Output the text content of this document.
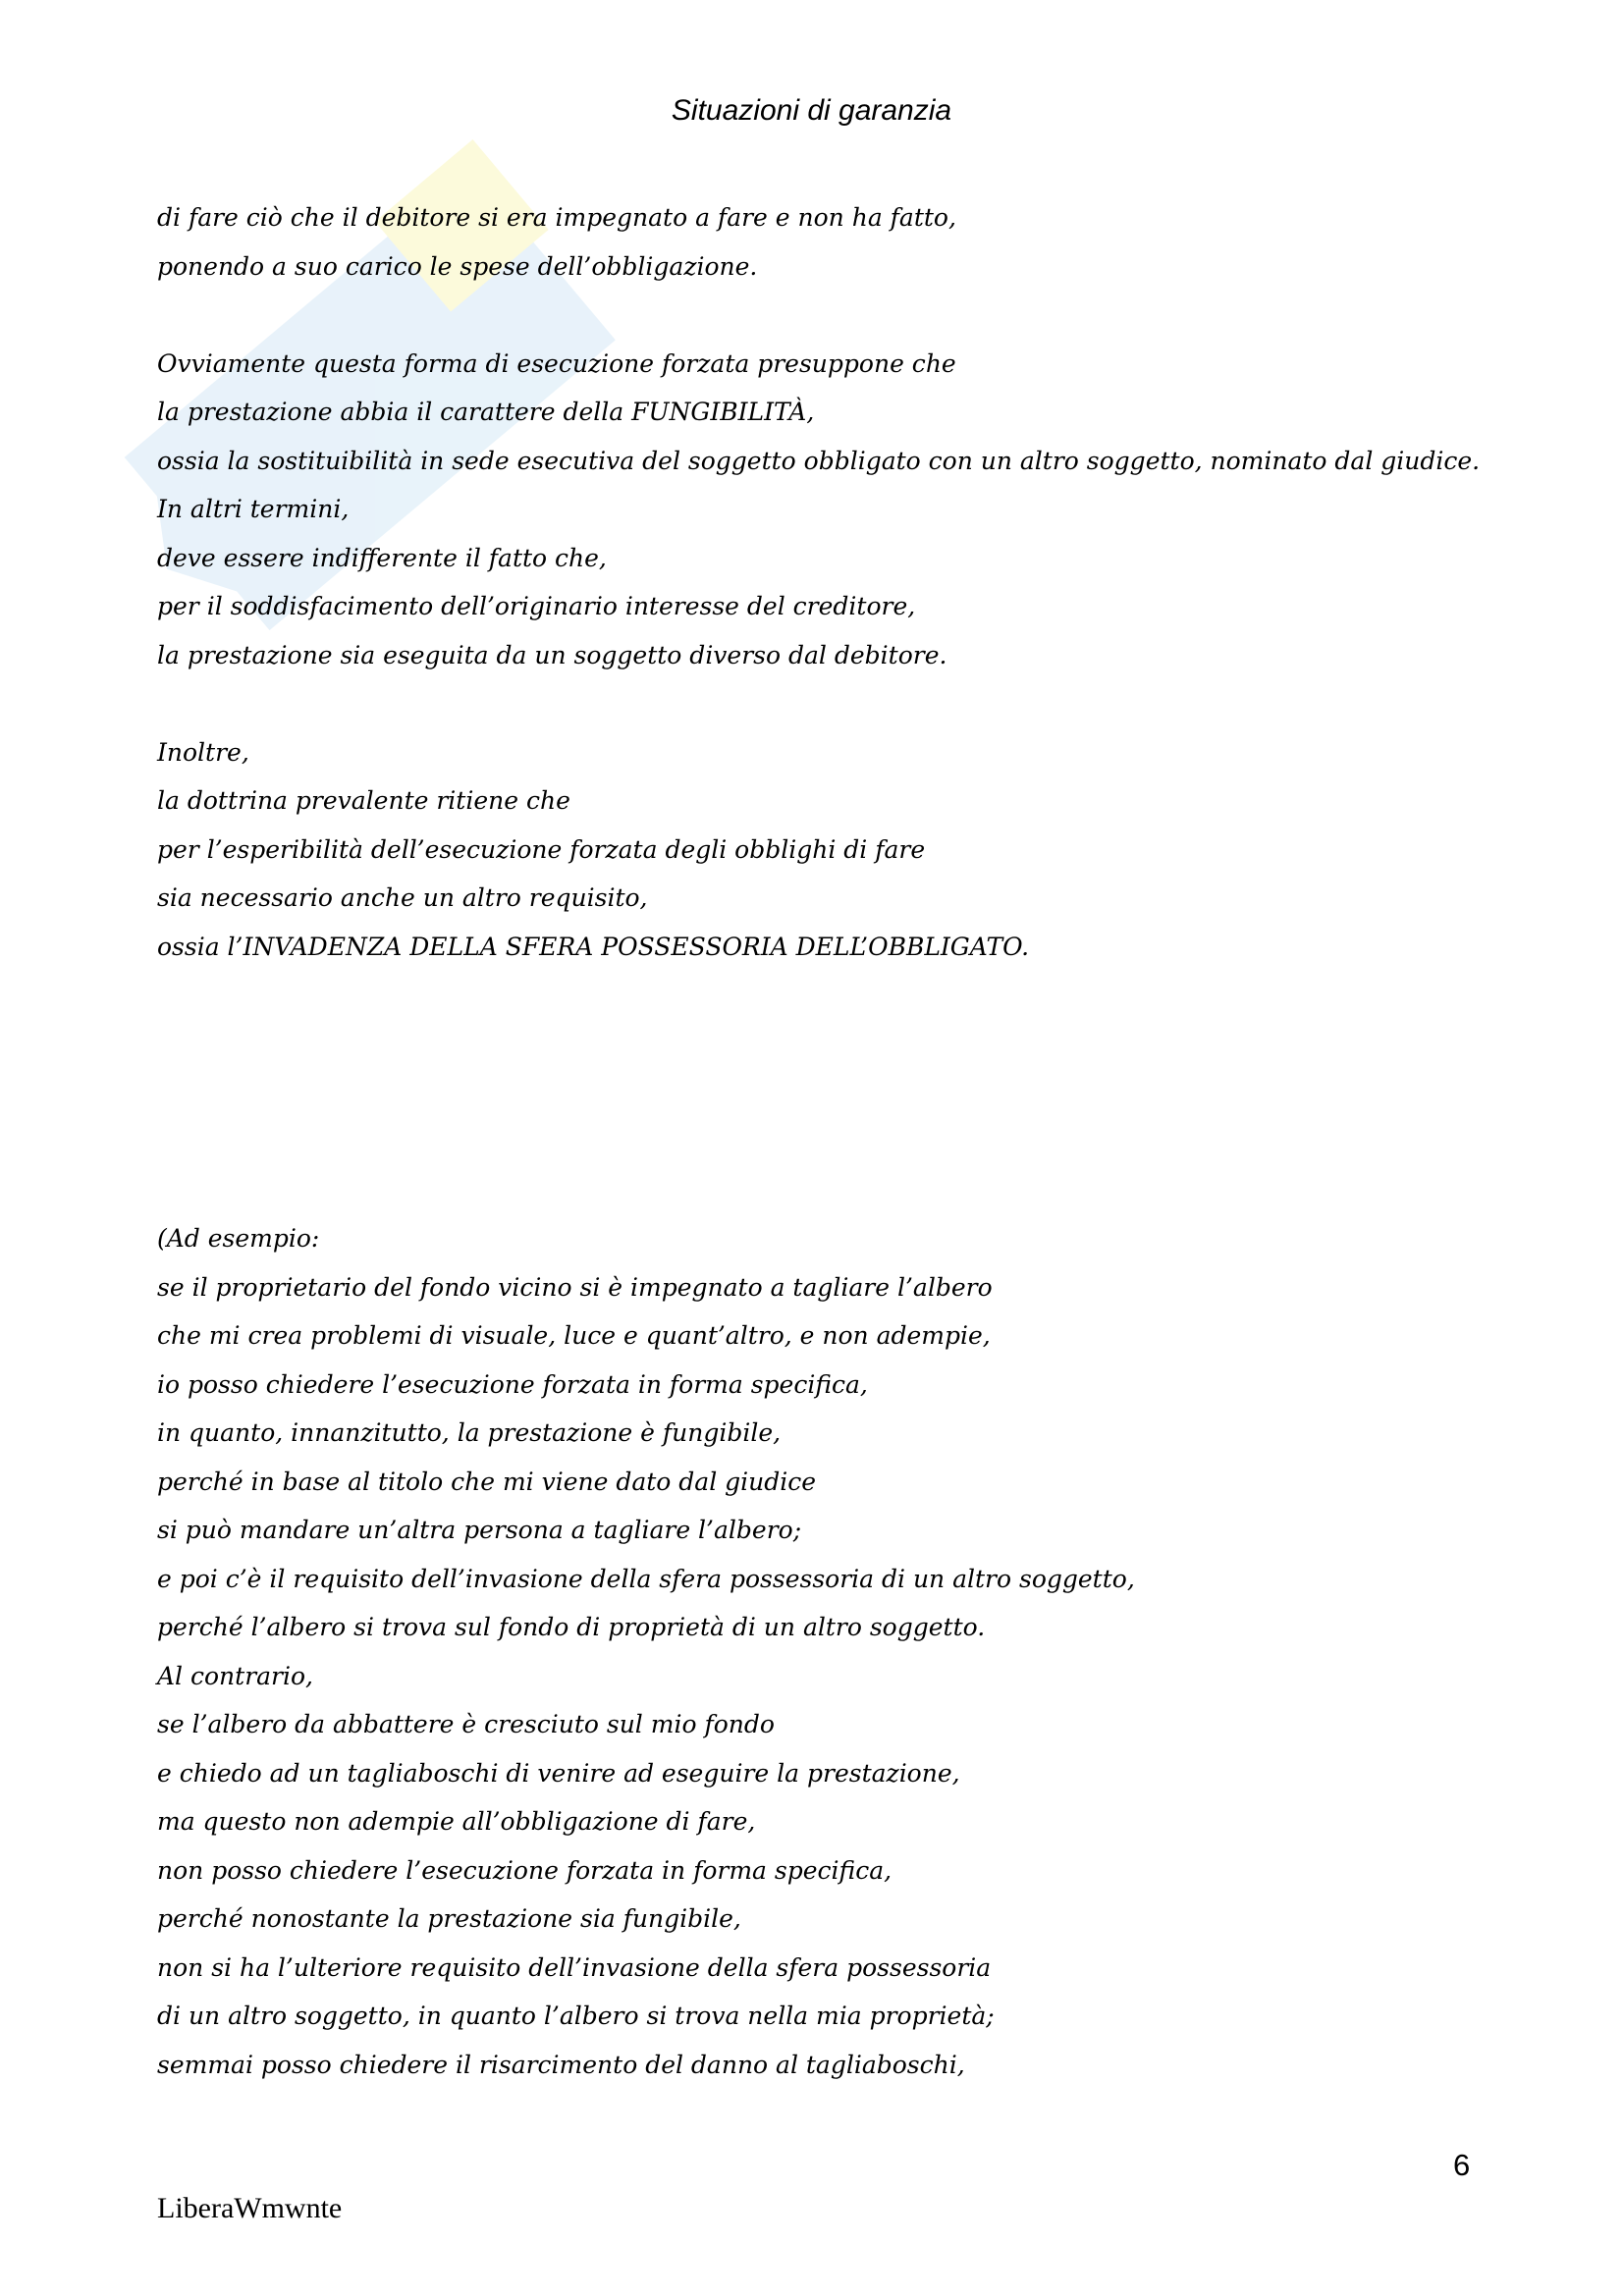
Situazioni di garanzia
di fare ciò che il debitore si era impegnato a fare e non ha fatto,
ponendo a suo carico le spese dell’obbligazione.
Ovviamente questa forma di esecuzione forzata presuppone che
la prestazione abbia il carattere della FUNGIBILITÀ,
ossia la sostituibilità in sede esecutiva del soggetto obbligato con un altro soggetto, nominato dal giudice.
In altri termini,
deve essere indifferente il fatto che,
per il soddisfacimento dell’originario interesse del creditore,
la prestazione sia eseguita da un soggetto diverso dal debitore.
Inoltre,
la dottrina prevalente ritiene che
per l’esperibilità dell’esecuzione forzata degli obblighi di fare
sia necessario anche un altro requisito,
ossia l’INVADENZA DELLA SFERA POSSESSORIA DELL’OBBLIGATO.
(Ad esempio:
se il proprietario del fondo vicino si è impegnato a tagliare l’albero
che mi crea problemi di visuale, luce e quant’altro, e non adempie,
io posso chiedere l’esecuzione forzata in forma specifica,
in quanto, innanzitutto, la prestazione è fungibile,
perché in base al titolo che mi viene dato dal giudice
si può mandare un’altra persona a tagliare l’albero;
e poi c’è il requisito dell’invasione della sfera possessoria di un altro soggetto,
perché l’albero si trova sul fondo di proprietà di un altro soggetto.
Al contrario,
se l’albero da abbattere è cresciuto sul mio fondo
e chiedo ad un tagliaboschi di venire ad eseguire la prestazione,
ma questo non adempie all’obbligazione di fare,
non posso chiedere l’esecuzione forzata in forma specifica,
perché nonostante la prestazione sia fungibile,
non si ha l’ulteriore requisito dell’invasione della sfera possessoria
di un altro soggetto, in quanto l’albero si trova nella mia proprietà;
semmai posso chiedere il risarcimento del danno al tagliaboschi,
6
LiberaWmwnte
